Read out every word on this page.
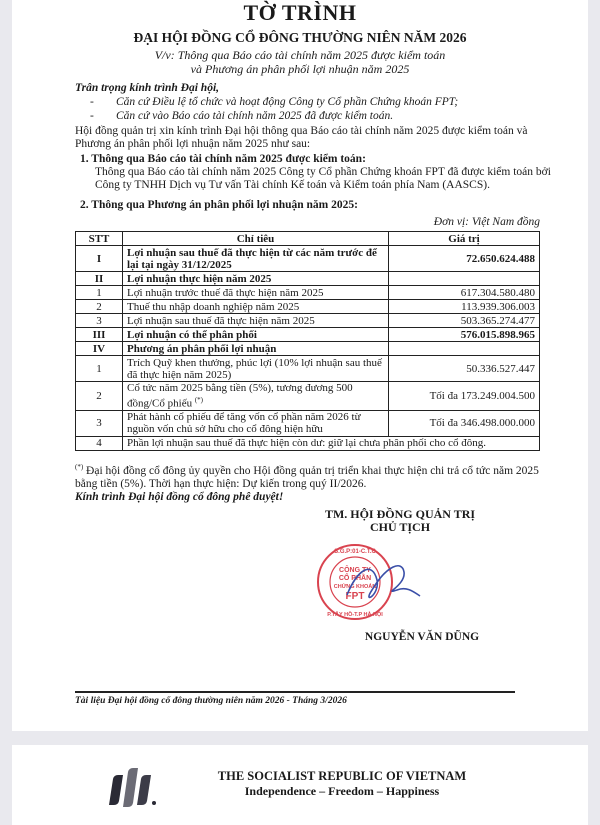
TỜ TRÌNH
ĐẠI HỘI ĐỒNG CỔ ĐÔNG THƯỜNG NIÊN NĂM 2026
V/v: Thông qua Báo cáo tài chính năm 2025 được kiểm toán
và Phương án phân phối lợi nhuận năm 2025
Trân trọng kính trình Đại hội,
- Căn cứ Điều lệ tổ chức và hoạt động Công ty Cổ phần Chứng khoán FPT;
- Căn cứ vào Báo cáo tài chính năm 2025 đã được kiểm toán.
Hội đồng quản trị xin kính trình Đại hội thông qua Báo cáo tài chính năm 2025 được kiểm toán và
Phương án phân phối lợi nhuận năm 2025 như sau:
1. Thông qua Báo cáo tài chính năm 2025 được kiểm toán:
Thông qua Báo cáo tài chính năm 2025 Công ty Cổ phần Chứng khoán FPT đã được kiểm toán bởi
Công ty TNHH Dịch vụ Tư vấn Tài chính Kế toán và Kiểm toán phía Nam (AASCS).
2. Thông qua Phương án phân phối lợi nhuận năm 2025:
Đơn vị: Việt Nam đồng
STT	Chỉ tiêu	Giá trị
I	Lợi nhuận sau thuế đã thực hiện từ các năm trước để lại tại ngày 31/12/2025	72.650.624.488
II	Lợi nhuận thực hiện năm 2025	
1	Lợi nhuận trước thuế đã thực hiện năm 2025	617.304.580.480
2	Thuế thu nhập doanh nghiệp năm 2025	113.939.306.003
3	Lợi nhuận sau thuế đã thực hiện năm 2025	503.365.274.477
III	Lợi nhuận có thể phân phối	576.015.898.965
IV	Phương án phân phối lợi nhuận	
1	Trích Quỹ khen thưởng, phúc lợi (10% lợi nhuận sau thuế đã thực hiện năm 2025)	50.336.527.447
2	Cổ tức năm 2025 bằng tiền (5%), tương đương 500 đồng/Cổ phiếu (*)	Tối đa 173.249.004.500
3	Phát hành cổ phiếu để tăng vốn cổ phần năm 2026 từ nguồn vốn chủ sở hữu cho cổ đông hiện hữu	Tối đa 346.498.000.000
4	Phần lợi nhuận sau thuế đã thực hiện còn dư: giữ lại chưa phân phối cho cổ đông.	
(*) Đại hội đồng cổ đông ủy quyền cho Hội đồng quản trị triển khai thực hiện chi trả cổ tức năm 2025
bằng tiền (5%). Thời hạn thực hiện: Dự kiến trong quý II/2026.
Kính trình Đại hội đồng cổ đông phê duyệt!
TM. HỘI ĐỒNG QUẢN TRỊ
CHỦ TỊCH
CÔNG TY
CỔ PHẦN
CHỨNG KHOÁN
FPT
S.G.P:01-C.T.C
P.TÂY HỒ-T.P HÀ NỘI
NGUYỄN VĂN DŨNG
Tài liệu Đại hội đồng cổ đông thường niên năm 2026 - Tháng 3/2026
THE SOCIALIST REPUBLIC OF VIETNAM
Independence – Freedom – Happiness
